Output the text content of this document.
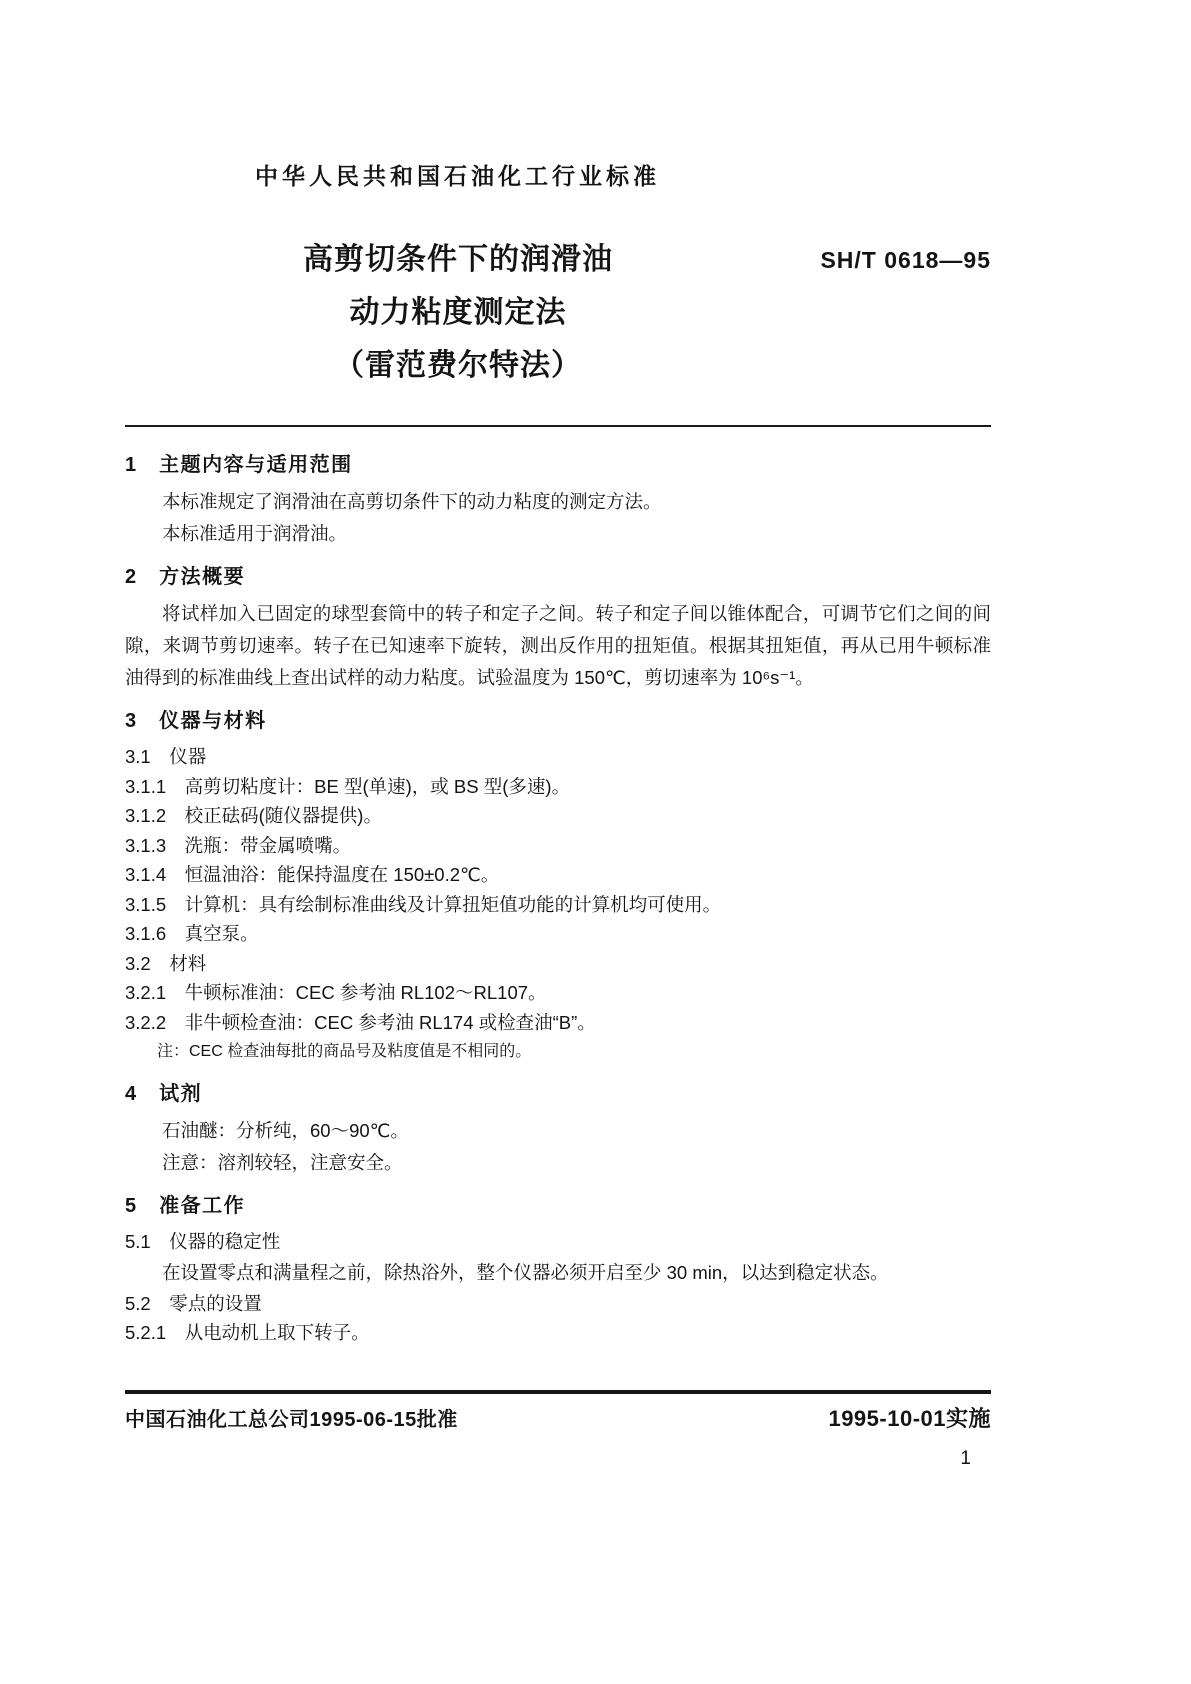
中华人民共和国石油化工行业标准
高剪切条件下的润滑油
动力粘度测定法
（雷范费尔特法）
SH/T 0618—95
1　主题内容与适用范围
本标准规定了润滑油在高剪切条件下的动力粘度的测定方法。
本标准适用于润滑油。
2　方法概要
将试样加入已固定的球型套筒中的转子和定子之间。转子和定子间以锥体配合，可调节它们之间的间隙，来调节剪切速率。转子在已知速率下旋转，测出反作用的扭矩值。根据其扭矩值，再从已用牛顿标准油得到的标准曲线上查出试样的动力粘度。试验温度为 150℃，剪切速率为 10⁶s⁻¹。
3　仪器与材料
3.1　仪器
3.1.1　高剪切粘度计：BE 型(单速)，或 BS 型(多速)。
3.1.2　校正砝码(随仪器提供)。
3.1.3　洗瓶：带金属喷嘴。
3.1.4　恒温油浴：能保持温度在 150±0.2℃。
3.1.5　计算机：具有绘制标准曲线及计算扭矩值功能的计算机均可使用。
3.1.6　真空泵。
3.2　材料
3.2.1　牛顿标准油：CEC 参考油 RL102～RL107。
3.2.2　非牛顿检查油：CEC 参考油 RL174 或检查油“B”。
注：CEC 检查油每批的商品号及粘度值是不相同的。
4　试剂
石油醚：分析纯，60～90℃。
注意：溶剂较轻，注意安全。
5　准备工作
5.1　仪器的稳定性
在设置零点和满量程之前，除热浴外，整个仪器必须开启至少 30 min，以达到稳定状态。
5.2　零点的设置
5.2.1　从电动机上取下转子。
中国石油化工总公司1995-06-15批准	1995-10-01实施
1
